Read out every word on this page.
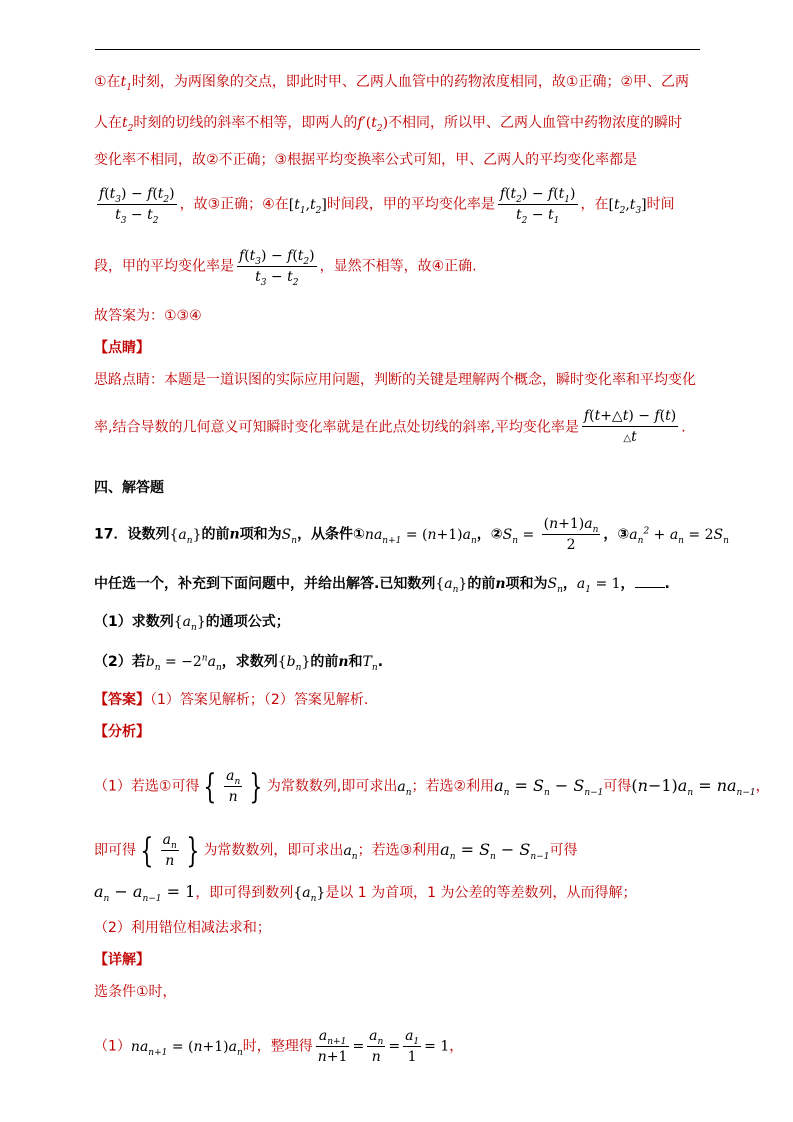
①在$t_1$时刻，为两图象的交点，即此时甲、乙两人血管中的药物浓度相同，故①正确；②甲、乙两
人在$t_2$时刻的切线的斜率不相等，即两人的$f'(t_2)$不相同，所以甲、乙两人血管中药物浓度的瞬时
变化率不相同，故②不正确；③根据平均变换率公式可知，甲、乙两人的平均变化率都是
$\frac{f(t_3) - f(t_2)}{t_3 - t_2}$ ，故③正确；④在$[t_1,t_2]$时间段，甲的平均变化率是 $\frac{f(t_2) - f(t_1)}{t_2 - t_1}$ ，在$[t_2,t_3]$时间
段，甲的平均变化率是 $\frac{f(t_3) - f(t_2)}{t_3 - t_2}$ ，显然不相等，故④正确.
故答案为：①③④
【点睛】
思路点睛：本题是一道识图的实际应用问题，判断的关键是理解两个概念，瞬时变化率和平均变化
率,结合导数的几何意义可知瞬时变化率就是在此点处切线的斜率,平均变化率是 $\frac{f(t+\triangle t) - f(t)}{\triangle t}$ .
四、解答题
17．设数列$\{a_n\}$的前n项和为$S_n$，从条件$①na_{n+1} = (n+1)a_n$，$②S_n = \frac{(n+1)a_n}{2}$ ，$③a_n^2 + a_n = 2S_n$
中任选一个，补充到下面问题中，并给出解答.已知数列$\{a_n\}$的前n项和为$S_n$，$a_1 = 1$， .
（1）求数列$\{a_n\}$的通项公式；
（2）若$b_n = -2^na_n$，求数列$\{b_n\}$的前n和$T_n$.
【答案】（1）答案见解析；（2）答案见解析.
【分析】
（1）若选①可得 { $\frac{a_n}{n}$ } 为常数数列,即可求出$a_n$；若选②利用$a_n = S_n - S_{n-1}$可得$(n-1)a_n = na_{n-1}$，
即可得 { $\frac{a_n}{n}$ } 为常数数列，即可求出$a_n$；若选③利用$a_n = S_n - S_{n-1}$可得
$a_n - a_{n-1} = 1$，即可得到数列$\{a_n\}$是以 1 为首项，1 为公差的等差数列，从而得解；
（2）利用错位相减法求和；
【详解】
选条件①时，
$(1)na_{n+1} = (n+1)a_n$时，整理得 $\frac{a_{n+1}}{n+1} = \frac{a_n}{n} = \frac{a_1}{1} = 1$，
